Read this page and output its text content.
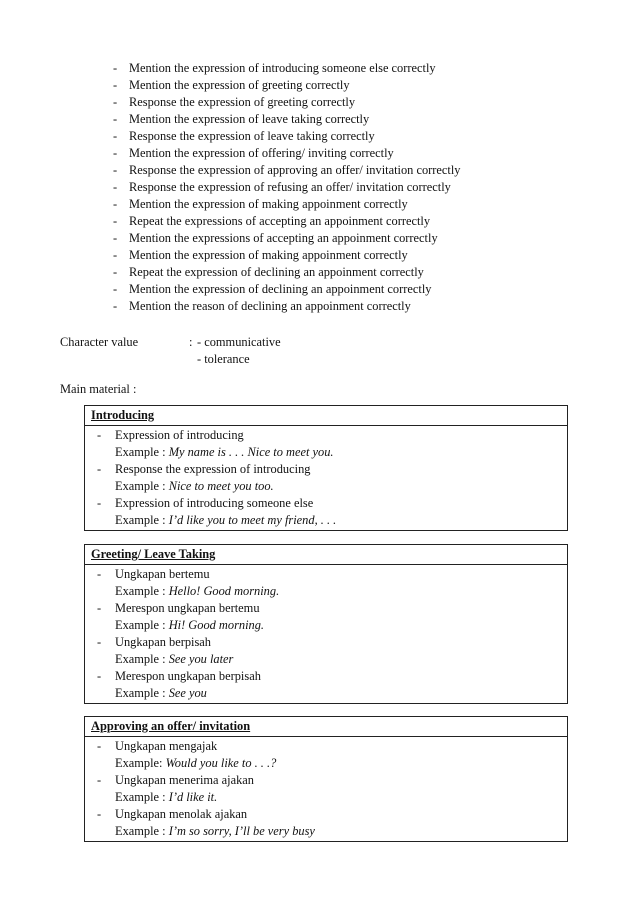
- Mention the expression of introducing someone else correctly
- Mention the expression of greeting correctly
- Response the expression of greeting correctly
- Mention the expression of leave taking correctly
- Response the expression of leave taking correctly
- Mention the expression of offering/ inviting correctly
- Response the expression of approving an offer/ invitation correctly
- Response the expression of refusing an offer/ invitation correctly
- Mention the expression of making appoinment correctly
- Repeat the expressions of accepting an appoinment correctly
- Mention the expressions of accepting an appoinment correctly
- Mention the expression of making appoinment correctly
- Repeat the expression of declining an appoinment correctly
- Mention the expression of declining an appoinment correctly
- Mention the reason of declining an appoinment correctly
Character value	: - communicative
- tolerance
Main material :
Introducing
-	Expression of introducing
Example : My name is . . . Nice to meet you.
-	Response the expression of introducing
Example : Nice to meet you too.
-	Expression of introducing someone else
Example : I’d like you to meet my friend, . . .
Greeting/ Leave Taking
-	Ungkapan bertemu
Example : Hello! Good morning.
-	Merespon ungkapan bertemu
Example : Hi! Good morning.
-	Ungkapan berpisah
Example : See you later
-	Merespon ungkapan berpisah
Example : See you
Approving an offer/ invitation
-	Ungkapan mengajak
Example: Would you like to . . .?
-	Ungkapan menerima ajakan
Example : I’d like it.
-	Ungkapan menolak ajakan
Example : I’m so sorry, I’ll be very busy
